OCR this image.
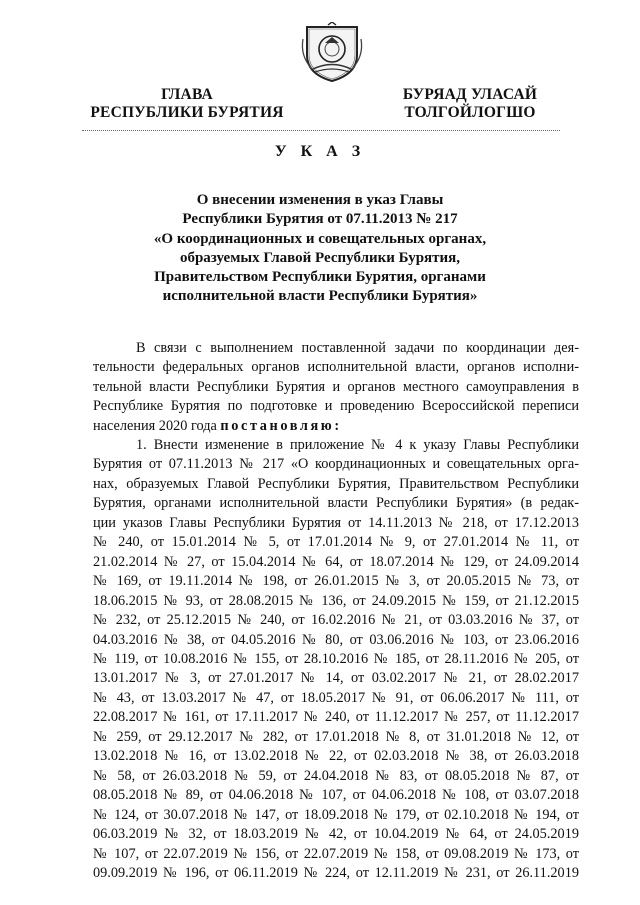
ГЛАВА
РЕСПУБЛИКИ БУРЯТИЯ
БУРЯАД УЛАСАЙ
ТОЛГОЙЛОГШО
У К А З
О внесении изменения в указ Главы
Республики Бурятия от 07.11.2013 № 217
«О координационных и совещательных органах,
образуемых Главой Республики Бурятия,
Правительством Республики Бурятия, органами
исполнительной власти Республики Бурятия»
В связи с выполнением поставленной задачи по координации дея-
тельности федеральных органов исполнительной власти, органов исполни-
тельной власти Республики Бурятия и органов местного самоуправления в
Республике Бурятия по подготовке и проведению Всероссийской переписи
населения 2020 года постановляю:
1. Внести изменение в приложение № 4 к указу Главы Республики
Бурятия от 07.11.2013 № 217 «О координационных и совещательных орга-
нах, образуемых Главой Республики Бурятия, Правительством Республики
Бурятия, органами исполнительной власти Республики Бурятия» (в редак-
ции указов Главы Республики Бурятия от 14.11.2013 № 218, от 17.12.2013
№ 240, от 15.01.2014 № 5, от 17.01.2014 № 9, от 27.01.2014 № 11, от
21.02.2014 № 27, от 15.04.2014 № 64, от 18.07.2014 № 129, от 24.09.2014
№ 169, от 19.11.2014 № 198, от 26.01.2015 № 3, от 20.05.2015 № 73, от
18.06.2015 № 93, от 28.08.2015 № 136, от 24.09.2015 № 159, от 21.12.2015
№ 232, от 25.12.2015 № 240, от 16.02.2016 № 21, от 03.03.2016 № 37, от
04.03.2016 № 38, от 04.05.2016 № 80, от 03.06.2016 № 103, от 23.06.2016
№ 119, от 10.08.2016 № 155, от 28.10.2016 № 185, от 28.11.2016 № 205, от
13.01.2017 № 3, от 27.01.2017 № 14, от 03.02.2017 № 21, от 28.02.2017
№ 43, от 13.03.2017 № 47, от 18.05.2017 № 91, от 06.06.2017 № 111, от
22.08.2017 № 161, от 17.11.2017 № 240, от 11.12.2017 № 257, от 11.12.2017
№ 259, от 29.12.2017 № 282, от 17.01.2018 № 8, от 31.01.2018 № 12, от
13.02.2018 № 16, от 13.02.2018 № 22, от 02.03.2018 № 38, от 26.03.2018
№ 58, от 26.03.2018 № 59, от 24.04.2018 № 83, от 08.05.2018 № 87, от
08.05.2018 № 89, от 04.06.2018 № 107, от 04.06.2018 № 108, от 03.07.2018
№ 124, от 30.07.2018 № 147, от 18.09.2018 № 179, от 02.10.2018 № 194, от
06.03.2019 № 32, от 18.03.2019 № 42, от 10.04.2019 № 64, от 24.05.2019
№ 107, от 22.07.2019 № 156, от 22.07.2019 № 158, от 09.08.2019 № 173, от
09.09.2019 № 196, от 06.11.2019 № 224, от 12.11.2019 № 231, от 26.11.2019
